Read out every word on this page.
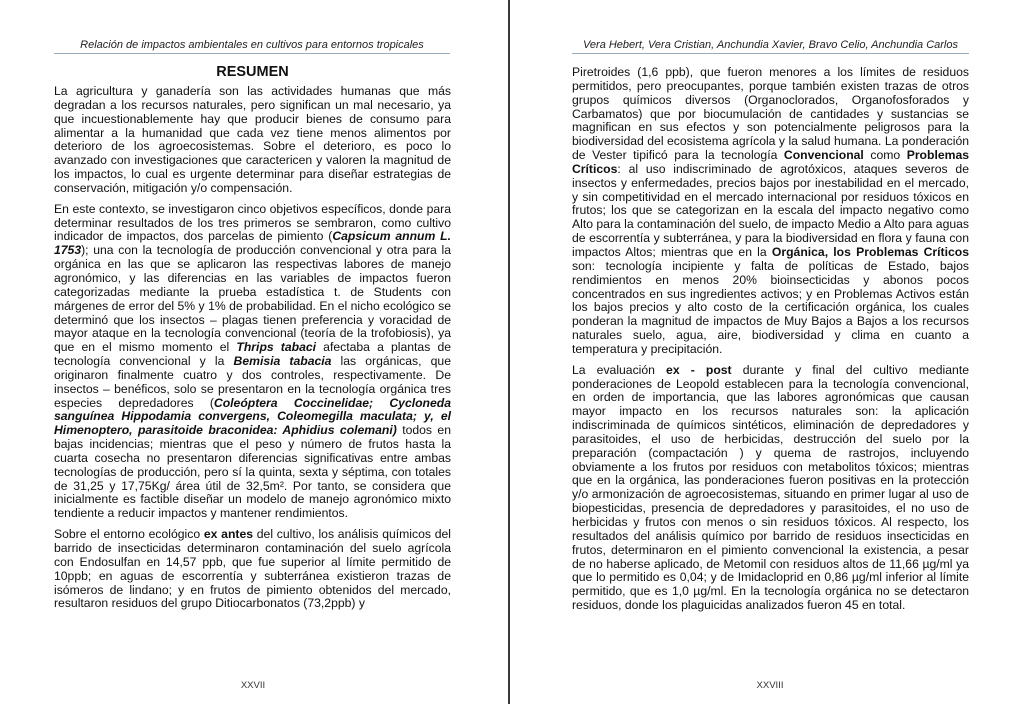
Relación de impactos ambientales en cultivos para entornos tropicales
RESUMEN

La agricultura y ganadería son las actividades humanas que más degradan a los recursos naturales, pero significan un mal necesario, ya que incuestionablemente hay que producir bienes de consumo para alimentar a la humanidad que cada vez tiene menos alimentos por deterioro de los agroecosistemas. Sobre el deterioro, es poco lo avanzado con investigaciones que caractericen y valoren la magnitud de los impactos, lo cual es urgente determinar para diseñar estrategias de conservación, mitigación y/o compensación.

En este contexto, se investigaron cinco objetivos específicos, donde para determinar resultados de los tres primeros se sembraron, como cultivo indicador de impactos, dos parcelas de pimiento (Capsicum annum L. 1753); una con la tecnología de producción convencional y otra para la orgánica en las que se aplicaron las respectivas labores de manejo agronómico, y las diferencias en las variables de impactos fueron categorizadas mediante la prueba estadística t. de Students con márgenes de error del 5% y 1% de probabilidad. En el nicho ecológico se determinó que los insectos – plagas tienen preferencia y voracidad de mayor ataque en la tecnología convencional (teoría de la trofobiosis), ya que en el mismo momento el Thrips tabaci afectaba a plantas de tecnología convencional y la Bemisia tabacia las orgánicas, que originaron finalmente cuatro y dos controles, respectivamente. De insectos – benéficos, solo se presentaron en la tecnología orgánica tres especies depredadores (Coleóptera Coccinelidae; Cycloneda sanguínea Hippodamia convergens, Coleomegilla maculata; y, el Himenoptero, parasitoide braconidea: Aphidius colemani) todos en bajas incidencias; mientras que el peso y número de frutos hasta la cuarta cosecha no presentaron diferencias significativas entre ambas tecnologías de producción, pero sí la quinta, sexta y séptima, con totales de 31,25 y 17,75Kg/ área útil de 32,5m². Por tanto, se considera que inicialmente es factible diseñar un modelo de manejo agronómico mixto tendiente a reducir impactos y mantener rendimientos.

Sobre el entorno ecológico ex antes del cultivo, los análisis químicos del barrido de insecticidas determinaron contaminación del suelo agrícola con Endosulfan en 14,57 ppb, que fue superior al límite permitido de 10ppb; en aguas de escorrentía y subterránea existieron trazas de isómeros de lindano; y en frutos de pimiento obtenidos del mercado, resultaron residuos del grupo Ditiocarbonatos (73,2ppb) y

XXVII
Vera Hebert, Vera Cristian, Anchundia Xavier, Bravo Celio, Anchundia Carlos

Piretroides (1,6 ppb), que fueron menores a los límites de residuos permitidos, pero preocupantes, porque también existen trazas de otros grupos químicos diversos (Organoclorados, Organofosforados y Carbamatos) que por biocumulación de cantidades y sustancias se magnifican en sus efectos y son potencialmente peligrosos para la biodiversidad del ecosistema agrícola y la salud humana. La ponderación de Vester tipificó para la tecnología Convencional como Problemas Críticos: al uso indiscriminado de agrotóxicos, ataques severos de insectos y enfermedades, precios bajos por inestabilidad en el mercado, y sin competitividad en el mercado internacional por residuos tóxicos en frutos; los que se categorizan en la escala del impacto negativo como Alto para la contaminación del suelo, de impacto Medio a Alto para aguas de escorrentía y subterránea, y para la biodiversidad en flora y fauna con impactos Altos; mientras que en la Orgánica, los Problemas Críticos son: tecnología incipiente y falta de políticas de Estado, bajos rendimientos en menos 20% bioinsecticidas y abonos pocos concentrados en sus ingredientes activos; y en Problemas Activos están los bajos precios y alto costo de la certificación orgánica, los cuales ponderan la magnitud de impactos de Muy Bajos a Bajos a los recursos naturales suelo, agua, aire, biodiversidad y clima en cuanto a temperatura y precipitación.

La evaluación ex - post durante y final del cultivo mediante ponderaciones de Leopold establecen para la tecnología convencional, en orden de importancia, que las labores agronómicas que causan mayor impacto en los recursos naturales son: la aplicación indiscriminada de químicos sintéticos, eliminación de depredadores y parasitoides, el uso de herbicidas, destrucción del suelo por la preparación (compactación ) y quema de rastrojos, incluyendo obviamente a los frutos por residuos con metabolitos tóxicos; mientras que en la orgánica, las ponderaciones fueron positivas en la protección y/o armonización de agroecosistemas, situando en primer lugar al uso de biopesticidas, presencia de depredadores y parasitoides, el no uso de herbicidas y frutos con menos o sin residuos tóxicos. Al respecto, los resultados del análisis químico por barrido de residuos insecticidas en frutos, determinaron en el pimiento convencional la existencia, a pesar de no haberse aplicado, de Metomil con residuos altos de 11,66 µg/ml ya que lo permitido es 0,04; y de Imidacloprid en 0,86 µg/ml inferior al límite permitido, que es 1,0 µg/ml. En la tecnología orgánica no se detectaron residuos, donde los plaguicidas analizados fueron 45 en total.

XXVIII
